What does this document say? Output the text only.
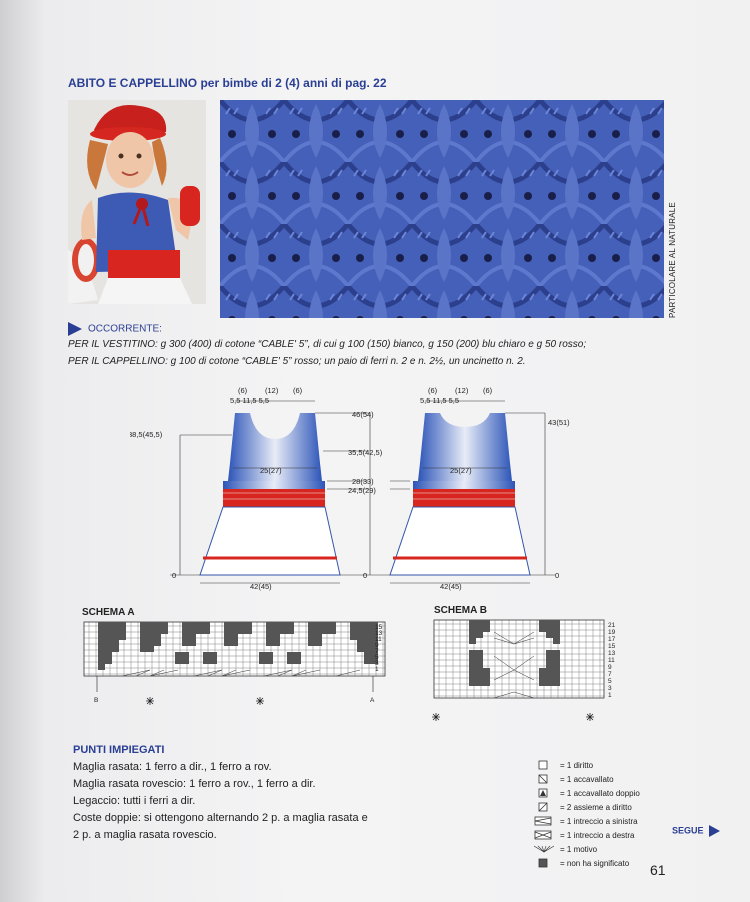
ABITO E CAPPELLINO per bimbe di 2 (4) anni di pag. 22
PARTICOLARE AL NATURALE
OCCORRENTE:
PER IL VESTITINO: g 300 (400) di cotone “CABLE' 5”, di cui g 100 (150) bianco, g 150 (200) blu chiaro e g 50 rosso;
PER IL CAPPELLINO: g 100 di cotone “CABLE' 5” rosso; un paio di ferri n. 2 e n. 2½, un uncinetto n. 2.
(6) (12) (6)
5,5 11,5 5,5
(6) (12) (6)
5,5 11,5 5,5
46(54)
38,5(45,5)
35,5(42,5)
25(27)	25(27)
28(33)
24,5(29)
42(45)	42(45)
43(51)
0	0	0
SCHEMA A
15
13
11
9
7
5
3
1
B	A
SCHEMA B
21
19
17
15
13
11
9
7
5
3
1
PUNTI IMPIEGATI
Maglia rasata: 1 ferro a dir., 1 ferro a rov.
Maglia rasata rovescio: 1 ferro a rov., 1 ferro a dir.
Legaccio: tutti i ferri a dir.
Coste doppie: si ottengono alternando 2 p. a maglia rasata e 2 p. a maglia rasata rovescio.
= 1 diritto
= 1 accavallato
= 1 accavallato doppio
= 2 assieme a diritto
= 1 intreccio a sinistra
= 1 intreccio a destra
= 1 motivo
= non ha significato
SEGUE
61
